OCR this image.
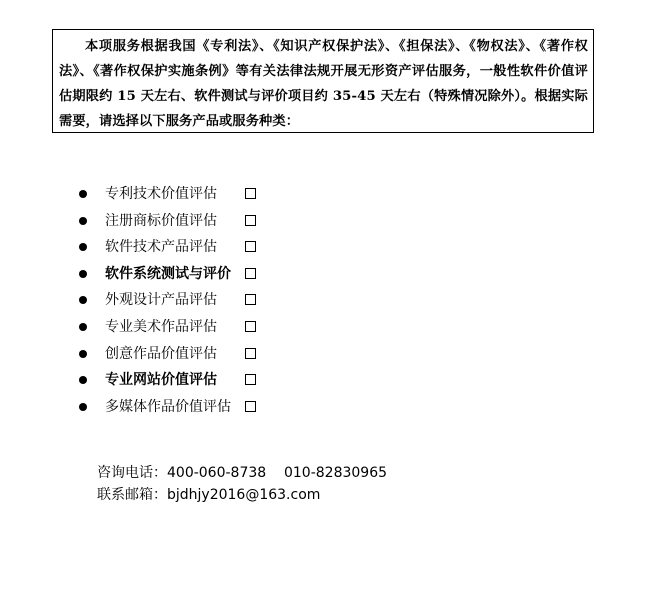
本项服务根据我国《专利法》、《知识产权保护法》、《担保法》、《物权法》、《著作权法》、《著作权保护实施条例》等有关法律法规开展无形资产评估服务，一般性软件价值评估期限约 15 天左右、软件测试与评价项目约 35-45 天左右（特殊情况除外）。根据实际需要，请选择以下服务产品或服务种类：
专利技术价值评估
注册商标价值评估
软件技术产品评估
软件系统测试与评价
外观设计产品评估
专业美术作品评估
创意作品价值评估
专业网站价值评估
多媒体作品价值评估
咨询电话：400-060-8738    010-82830965
联系邮箱：bjdhjy2016@163.com
